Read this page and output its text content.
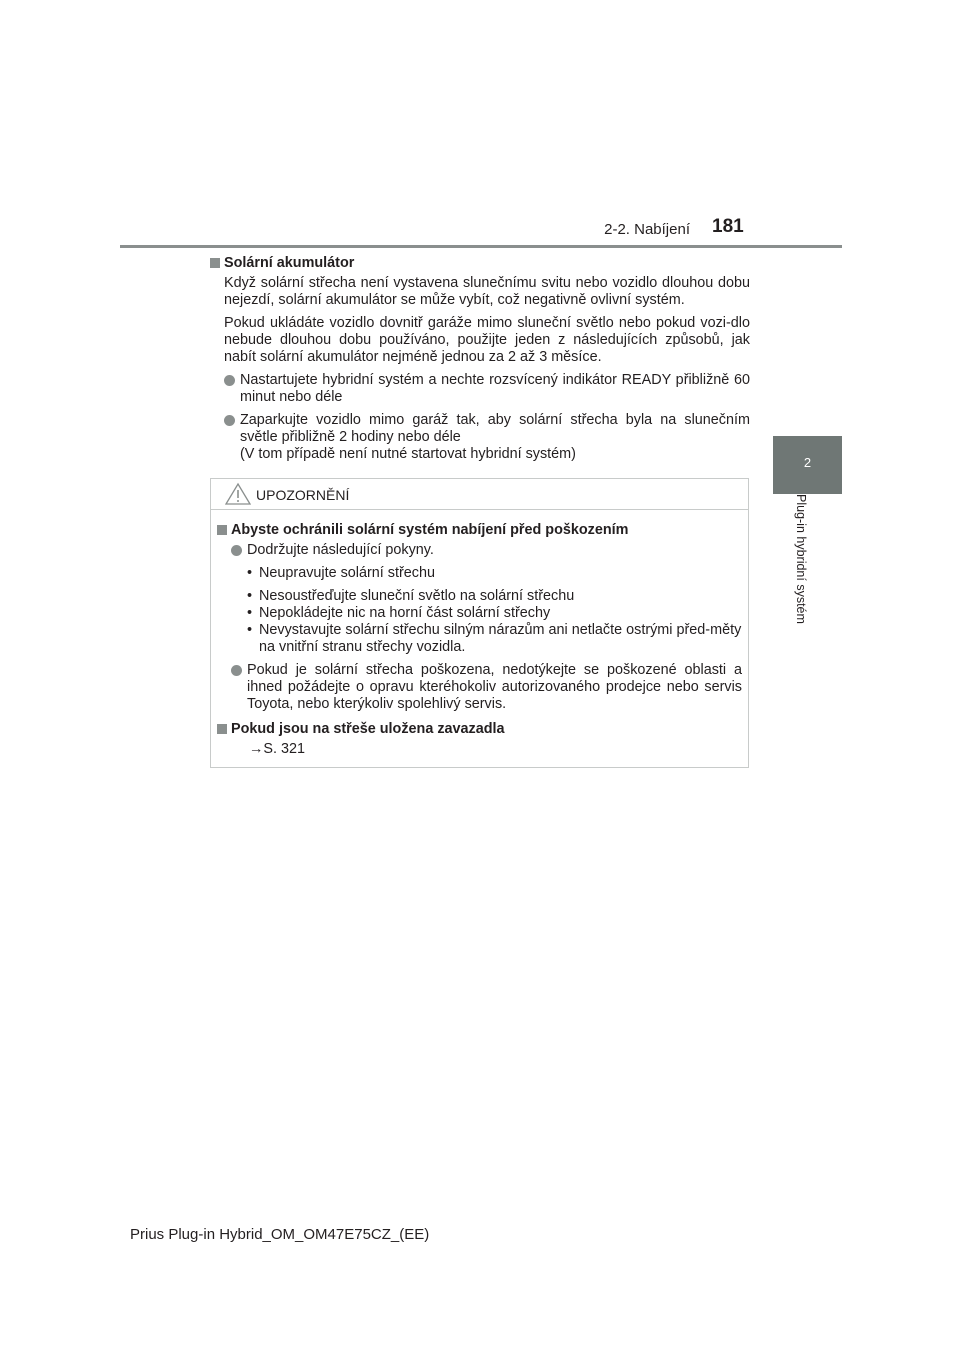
2-2. Nabíjení 181
2
Plug-in hybridní systém
Solární akumulátor

Když solární střecha není vystavena slunečnímu svitu nebo vozidlo dlouhou dobu nejezdí, solární akumulátor se může vybít, což negativně ovlivní systém.

Pokud ukládáte vozidlo dovnitř garáže mimo sluneční světlo nebo pokud vozi-dlo nebude dlouhou dobu používáno, použijte jeden z následujících způsobů, jak nabít solární akumulátor nejméně jednou za 2 až 3 měsíce.

Nastartujete hybridní systém a nechte rozsvícený indikátor READY přibližně 60 minut nebo déle
Zaparkujte vozidlo mimo garáž tak, aby solární střecha byla na slunečním světle přibližně 2 hodiny nebo déle
(V tom případě není nutné startovat hybridní systém)
UPOZORNĚNÍ
Abyste ochránili solární systém nabíjení před poškozením
Dodržujte následující pokyny.
• Neupravujte solární střechu
• Nesoustřeďujte sluneční světlo na solární střechu
• Nepokládejte nic na horní část solární střechy
• Nevystavujte solární střechu silným nárazům ani netlačte ostrými před-měty na vnitřní stranu střechy vozidla.
Pokud je solární střecha poškozena, nedotýkejte se poškozené oblasti a ihned požádejte o opravu kteréhokoliv autorizovaného prodejce nebo servis Toyota, nebo kterýkoliv spolehlivý servis.
Pokud jsou na střeše uložena zavazadla
→S. 321
Prius Plug-in Hybrid_OM_OM47E75CZ_(EE)
